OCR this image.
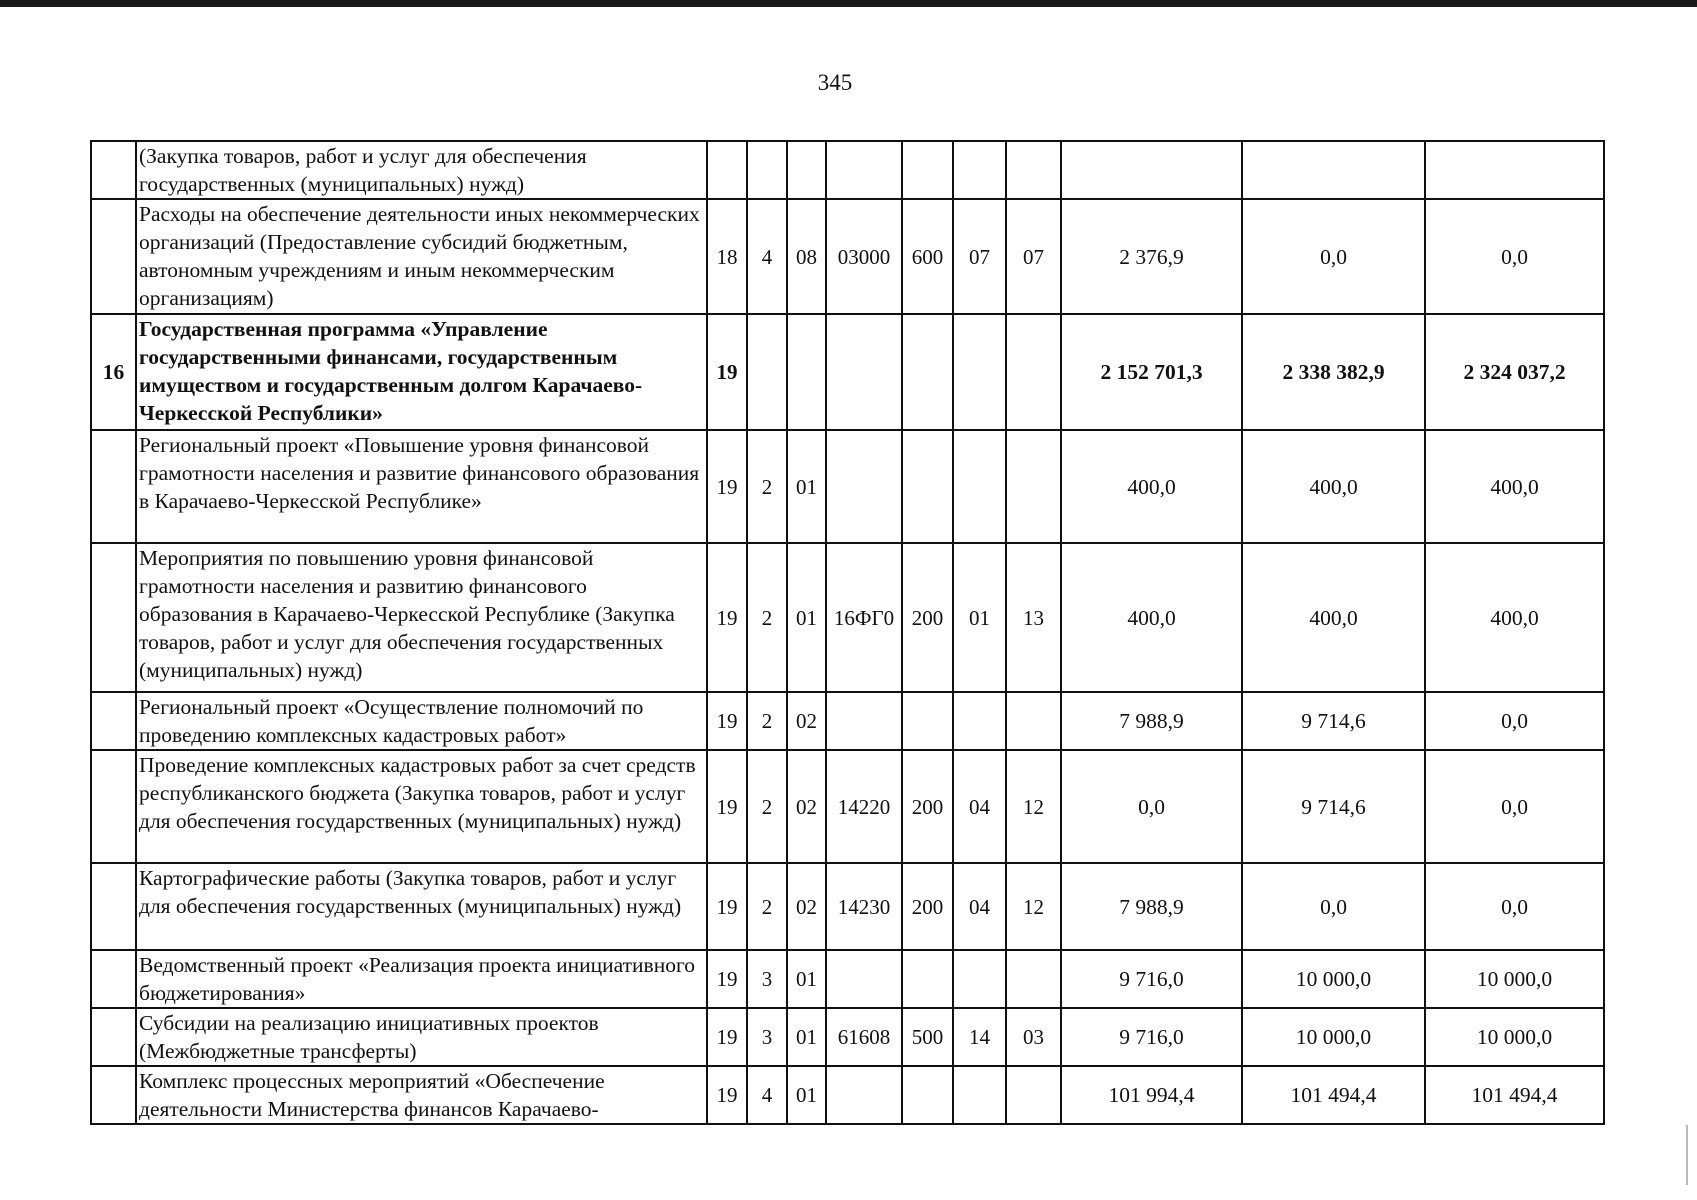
345
	(Закупка товаров, работ и услуг для обеспечения государственных (муниципальных) нужд)										
	Расходы на обеспечение деятельности иных некоммерческих организаций (Предоставление субсидий бюджетным, автономным учреждениям и иным некоммерческим организациям)	18	4	08	03000	600	07	07	2 376,9	0,0	0,0
16	Государственная программа «Управление государственными финансами, государственным имуществом и государственным долгом Карачаево-Черкесской Республики»	19							2 152 701,3	2 338 382,9	2 324 037,2
	Региональный проект «Повышение уровня финансовой грамотности населения и развитие финансового образования в Карачаево-Черкесской Республике»	19	2	01					400,0	400,0	400,0
	Мероприятия по повышению уровня финансовой грамотности населения и развитию финансового образования в Карачаево-Черкесской Республике (Закупка товаров, работ и услуг для обеспечения государственных (муниципальных) нужд)	19	2	01	16ФГ0	200	01	13	400,0	400,0	400,0
	Региональный проект «Осуществление полномочий по проведению комплексных кадастровых работ»	19	2	02					7 988,9	9 714,6	0,0
	Проведение комплексных кадастровых работ за счет средств республиканского бюджета (Закупка товаров, работ и услуг для обеспечения государственных (муниципальных) нужд)	19	2	02	14220	200	04	12	0,0	9 714,6	0,0
	Картографические работы (Закупка товаров, работ и услуг для обеспечения государственных (муниципальных) нужд)	19	2	02	14230	200	04	12	7 988,9	0,0	0,0
	Ведомственный проект «Реализация проекта инициативного бюджетирования»	19	3	01					9 716,0	10 000,0	10 000,0
	Субсидии на реализацию инициативных проектов (Межбюджетные трансферты)	19	3	01	61608	500	14	03	9 716,0	10 000,0	10 000,0
	Комплекс процессных мероприятий «Обеспечение деятельности Министерства финансов Карачаево-	19	4	01					101 994,4	101 494,4	101 494,4
